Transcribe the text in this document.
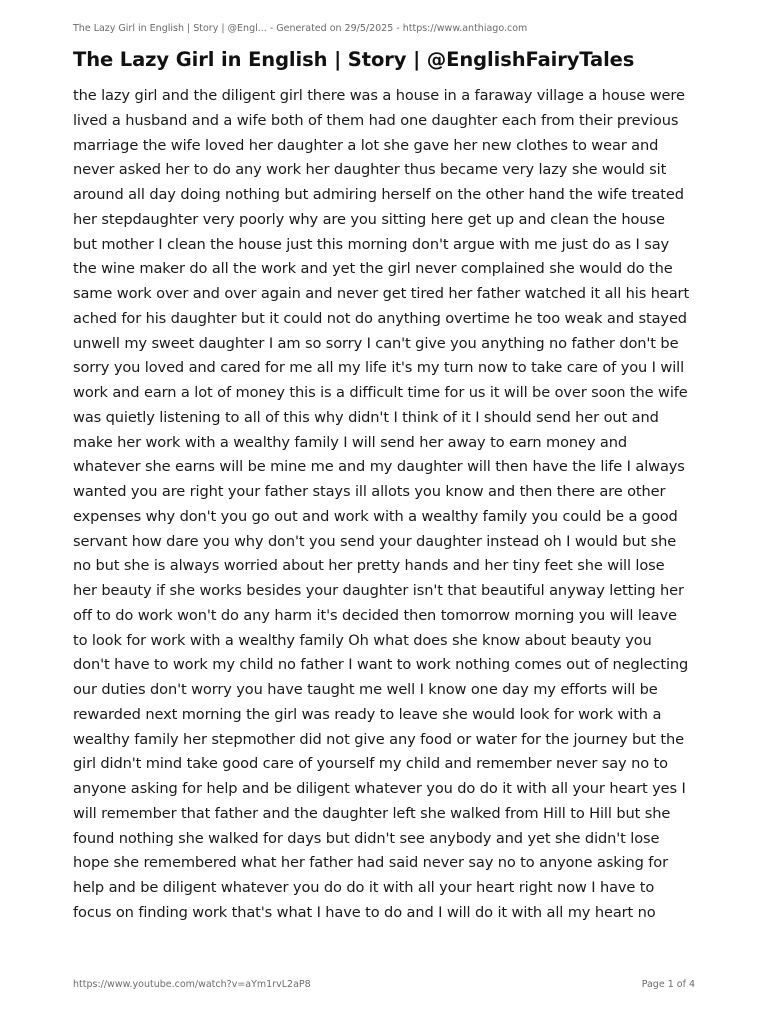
The Lazy Girl in English | Story | @Engl... - Generated on 29/5/2025 - https://www.anthiago.com
The Lazy Girl in English | Story | @EnglishFairyTales
the lazy girl and the diligent girl there was a house in a faraway village a house were
lived a husband and a wife both of them had one daughter each from their previous
marriage the wife loved her daughter a lot she gave her new clothes to wear and
never asked her to do any work her daughter thus became very lazy she would sit
around all day doing nothing but admiring herself on the other hand the wife treated
her stepdaughter very poorly why are you sitting here get up and clean the house
but mother I clean the house just this morning don't argue with me just do as I say
the wine maker do all the work and yet the girl never complained she would do the
same work over and over again and never get tired her father watched it all his heart
ached for his daughter but it could not do anything overtime he too weak and stayed
unwell my sweet daughter I am so sorry I can't give you anything no father don't be
sorry you loved and cared for me all my life it's my turn now to take care of you I will
work and earn a lot of money this is a difficult time for us it will be over soon the wife
was quietly listening to all of this why didn't I think of it I should send her out and
make her work with a wealthy family I will send her away to earn money and
whatever she earns will be mine me and my daughter will then have the life I always
wanted you are right your father stays ill allots you know and then there are other
expenses why don't you go out and work with a wealthy family you could be a good
servant how dare you why don't you send your daughter instead oh I would but she
no but she is always worried about her pretty hands and her tiny feet she will lose
her beauty if she works besides your daughter isn't that beautiful anyway letting her
off to do work won't do any harm it's decided then tomorrow morning you will leave
to look for work with a wealthy family Oh what does she know about beauty you
don't have to work my child no father I want to work nothing comes out of neglecting
our duties don't worry you have taught me well I know one day my efforts will be
rewarded next morning the girl was ready to leave she would look for work with a
wealthy family her stepmother did not give any food or water for the journey but the
girl didn't mind take good care of yourself my child and remember never say no to
anyone asking for help and be diligent whatever you do do it with all your heart yes I
will remember that father and the daughter left she walked from Hill to Hill but she
found nothing she walked for days but didn't see anybody and yet she didn't lose
hope she remembered what her father had said never say no to anyone asking for
help and be diligent whatever you do do it with all your heart right now I have to
focus on finding work that's what I have to do and I will do it with all my heart no
https://www.youtube.com/watch?v=aYm1rvL2aP8	Page 1 of 4
